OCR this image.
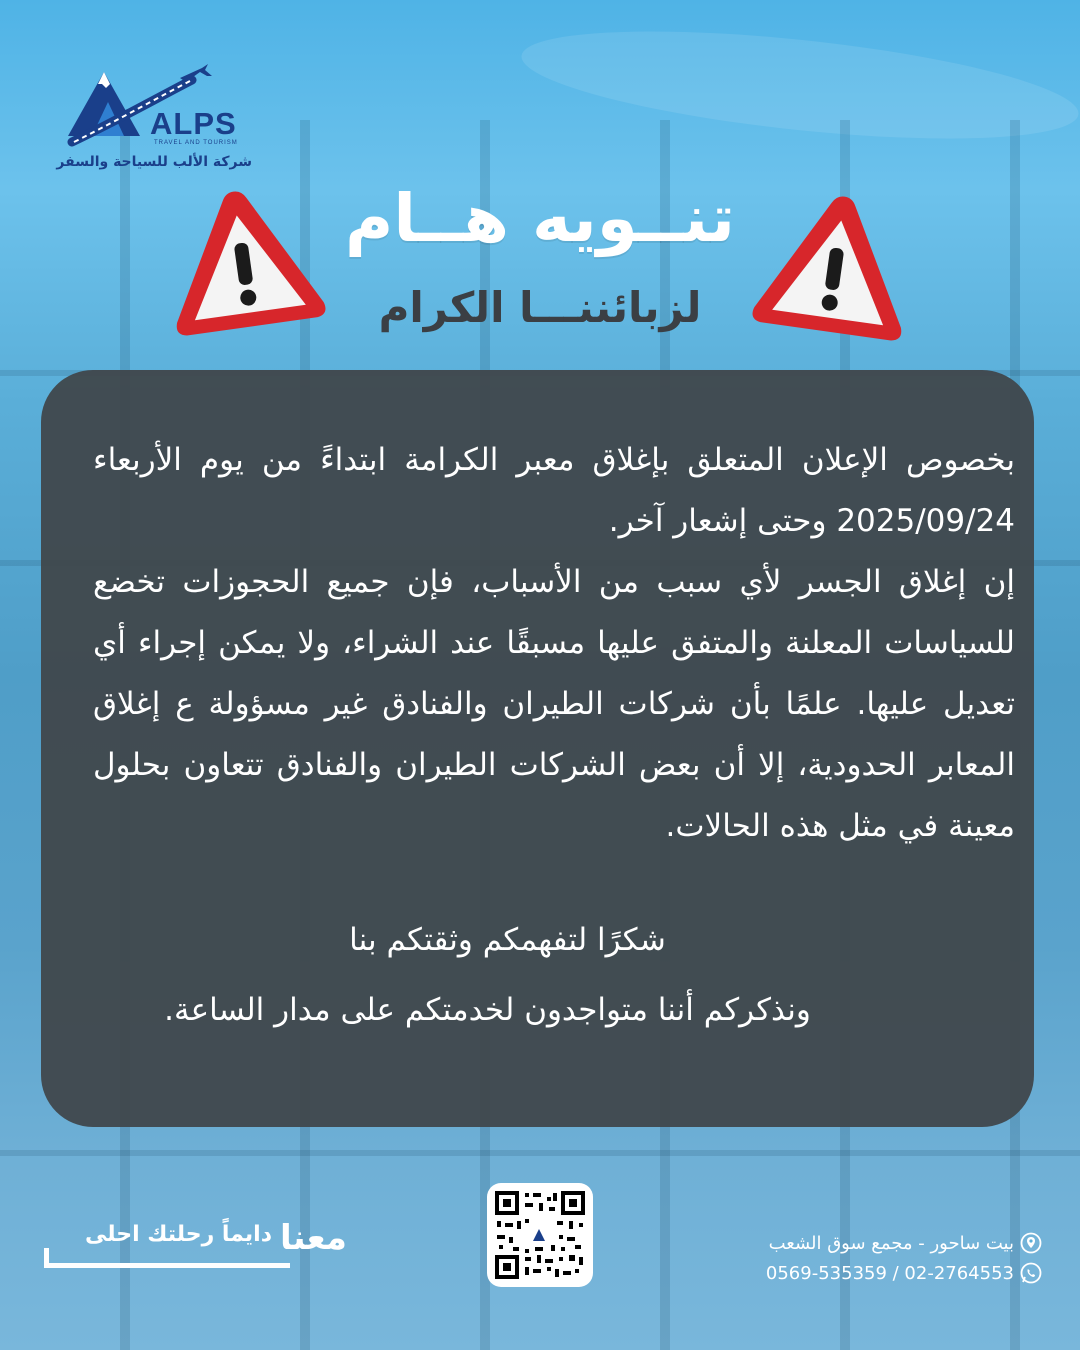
ALPS
TRAVEL AND TOURISM
شركة الألب للسياحة والسفر
تنــويه هــام
لزبائننـــا الكرام
بخصوص الإعلان المتعلق بإغلاق معبر الكرامة ابتداءً من يوم الأربعاء 2025/09/24 وحتى إشعار آخر.
إن إغلاق الجسر لأي سبب من الأسباب، فإن جميع الحجوزات تخضع للسياسات المعلنة والمتفق عليها مسبقًا عند الشراء، ولا يمكن إجراء أي تعديل عليها. علمًا بأن شركات الطيران والفنادق غير مسؤولة ع إغلاق المعابر الحدودية، إلا أن بعض الشركات الطيران والفنادق تتعاون بحلول معينة في مثل هذه الحالات.
شكرًا لتفهمكم وثقتكم بنا
ونذكركم أننا متواجدون لخدمتكم على مدار الساعة.
دايماً رحلتك احلى معنا	بيت ساحور - مجمع سوق الشعب
0569-535359 / 02-2764553
